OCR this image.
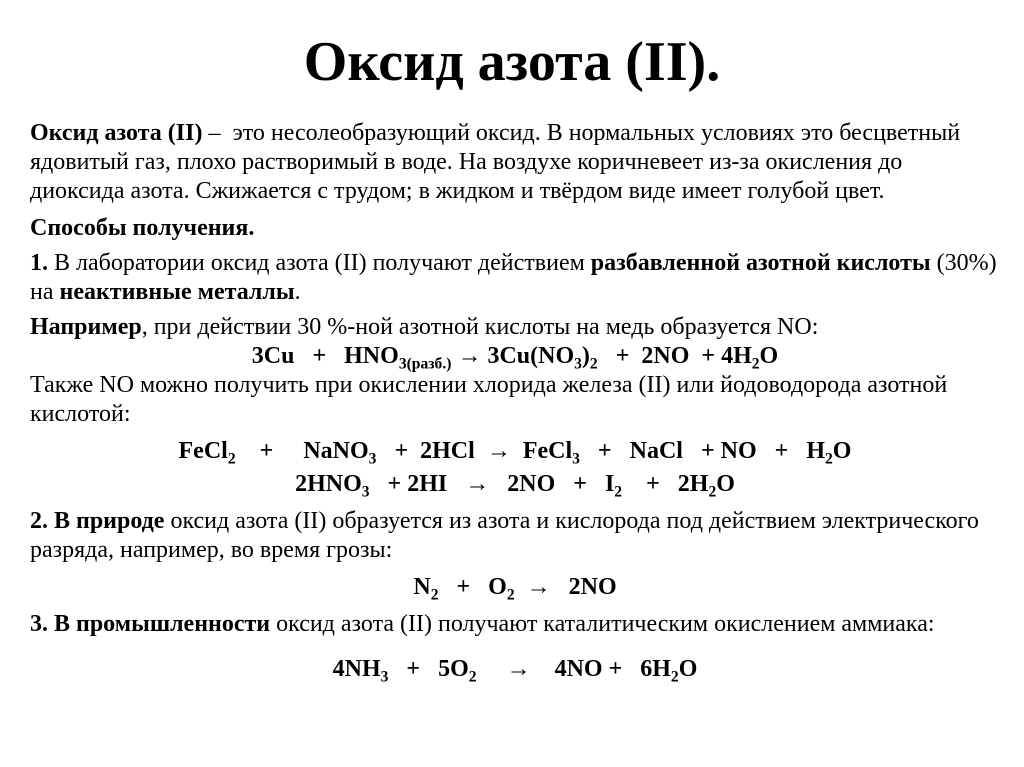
Оксид азота (II).

Оксид азота (II) –  это несолеобразующий оксид. В нормальных условиях это бесцветный ядовитый газ, плохо растворимый в воде. На воздухе коричневеет из-за окисления до диоксида азота. Сжижается с трудом; в жидком и твёрдом виде имеет голубой цвет.

Способы получения.

1. В лаборатории оксид азота (II) получают действием разбавленной азотной кислоты (30%) на неактивные металлы.

Например, при действии 30 %-ной азотной кислоты на медь образуется NO:

$3Cu + HNO_{3(разб.)} \to 3Cu(NO_3)_2 + 2NO + 4H_2O$

Также NO можно получить при окислении хлорида железа (II) или йодоводорода азотной кислотой:

FeCl$_2$ + NaNO$_3$ + 2HCl → FeCl$_3$ + NaCl + NO + $H_2O$

$2HNO_3 + 2HI \to 2NO + I_2 + 2H_2O$

2. В природе оксид азота (II) образуется из азота и кислорода под действием электрического разряда, например, во время грозы:

$N_2 + O_2 \to 2NO$

3. В промышленности оксид азота (II) получают каталитическим окислением аммиака:

$4NH_3 + 5O_2 \to 4NO + 6H_2O$
